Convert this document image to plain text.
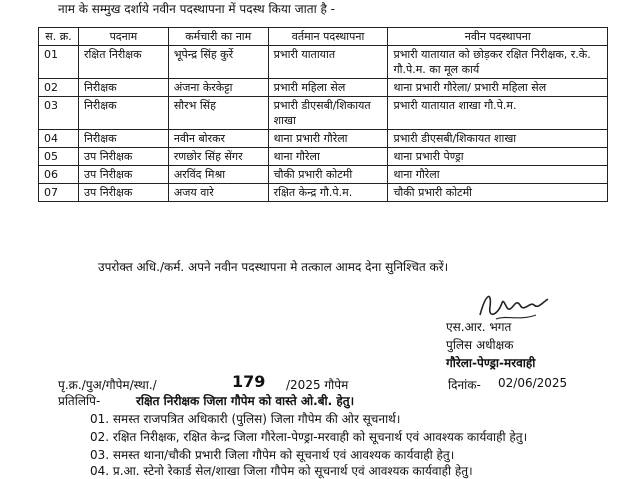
नाम के सम्मुख दर्शाये नवीन पदस्थापना में पदस्थ किया जाता है -
स. क्र.	पदनाम	कर्मचारी का नाम	वर्तमान पदस्थापना	नवीन पदस्थापना
01	रक्षित निरीक्षक	भूपेन्द्र सिंह कुर्रे	प्रभारी यातायात	प्रभारी यातायात को छोड़कर रक्षित निरीक्षक, र.के. गौ.पे.म. का मूल कार्य
02	निरीक्षक	अंजना केरकेट्टा	प्रभारी महिला सेल	थाना प्रभारी गौरेला/ प्रभारी महिला सेल
03	निरीक्षक	सौरभ सिंह	प्रभारी डीएसबी/शिकायत शाखा	प्रभारी यातायात शाखा गौ.पे.म.
04	निरीक्षक	नवीन बोरकर	थाना प्रभारी गौरेला	प्रभारी डीएसबी/शिकायत शाखा
05	उप निरीक्षक	रणछोर सिंह सेंगर	थाना गौरेला	थाना प्रभारी पेण्ड्रा
06	उप निरीक्षक	अरविंद मिश्रा	चौकी प्रभारी कोटमी	थाना गौरेला
07	उप निरीक्षक	अजय वारे	रक्षित केन्द्र गौ.पे.म.	चौकी प्रभारी कोटमी
उपरोक्त अधि./कर्म. अपने नवीन पदस्थापना मे तत्काल आमद देना सुनिश्चित करें।
एस.आर. भगत
पुलिस अधीक्षक
गौरेला-पेण्ड्रा-मरवाही
पृ.क्र./पुअ/गौपेम/स्था./	179 /2025 गौपेम	दिनांक- 02/06/2025
प्रतिलिपि-	रक्षित निरीक्षक जिला गौपेम को वास्ते ओ.बी. हेतु।
01. समस्त राजपत्रित अधिकारी (पुलिस) जिला गौपेम की ओर सूचनार्थ।
02. रक्षित निरीक्षक, रक्षित केन्द्र जिला गौरेला-पेण्ड्रा-मरवाही को सूचनार्थ एवं आवश्यक कार्यवाही हेतु।
03. समस्त थाना/चौकी प्रभारी जिला गौपेम को सूचनार्थ एवं आवश्यक कार्यवाही हेतु।
04. प्र.आ. स्टेनो रेकार्ड सेल/शाखा जिला गौपेम को सूचनार्थ एवं आवश्यक कार्यवाही हेतु।
